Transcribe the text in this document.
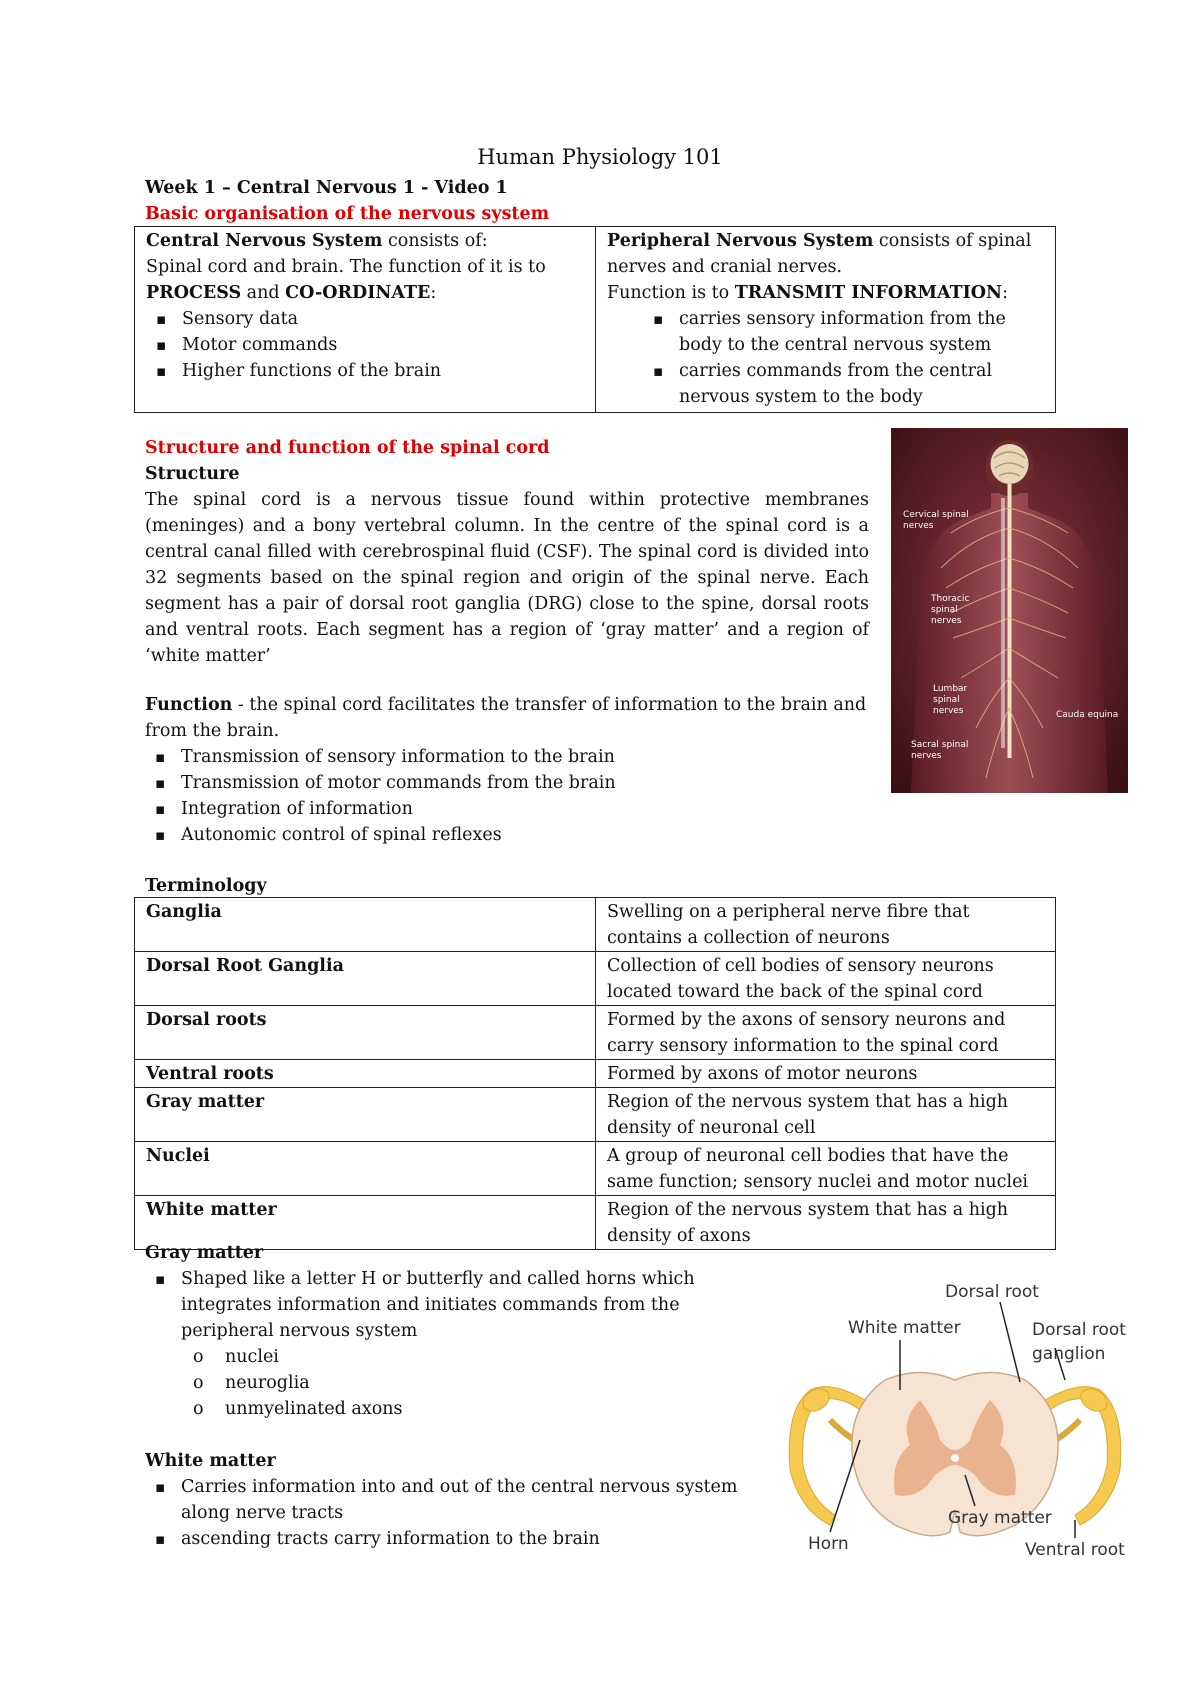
Human Physiology 101
Week 1 – Central Nervous 1 - Video 1
Basic organisation of the nervous system
Central Nervous System consists of:
Spinal cord and brain. The function of it is to
PROCESS and CO-ORDINATE:
▪ Sensory data
▪ Motor commands
▪ Higher functions of the brain

Peripheral Nervous System consists of spinal
nerves and cranial nerves.
Function is to TRANSMIT INFORMATION:
▪ carries sensory information from the body to the central nervous system
▪ carries commands from the central nervous system to the body
Structure and function of the spinal cord
Structure
The spinal cord is a nervous tissue found within protective membranes (meninges) and a bony vertebral column. In the centre of the spinal cord is a central canal filled with cerebrospinal fluid (CSF). The spinal cord is divided into 32 segments based on the spinal region and origin of the spinal nerve. Each segment has a pair of dorsal root ganglia (DRG) close to the spine, dorsal roots and ventral roots. Each segment has a region of ‘gray matter’ and a region of ‘white matter’
Function - the spinal cord facilitates the transfer of information to the brain and from the brain.
▪ Transmission of sensory information to the brain
▪ Transmission of motor commands from the brain
▪ Integration of information
▪ Autonomic control of spinal reflexes
Cervical spinal nerves
Thoracic spinal nerves
Lumbar spinal nerves	Cauda equina
Sacral spinal nerves
Terminology
Ganglia	Swelling on a peripheral nerve fibre that contains a collection of neurons
Dorsal Root Ganglia	Collection of cell bodies of sensory neurons located toward the back of the spinal cord
Dorsal roots	Formed by the axons of sensory neurons and carry sensory information to the spinal cord
Ventral roots	Formed by axons of motor neurons
Gray matter	Region of the nervous system that has a high density of neuronal cell
Nuclei	A group of neuronal cell bodies that have the same function; sensory nuclei and motor nuclei
White matter	Region of the nervous system that has a high density of axons
Gray matter
▪ Shaped like a letter H or butterfly and called horns which integrates information and initiates commands from the peripheral nervous system
o nuclei
o neuroglia
o unmyelinated axons
White matter
▪ Carries information into and out of the central nervous system along nerve tracts
▪ ascending tracts carry information to the brain
Dorsal root
White matter	Dorsal root ganglion
Gray matter
Horn	Ventral root
